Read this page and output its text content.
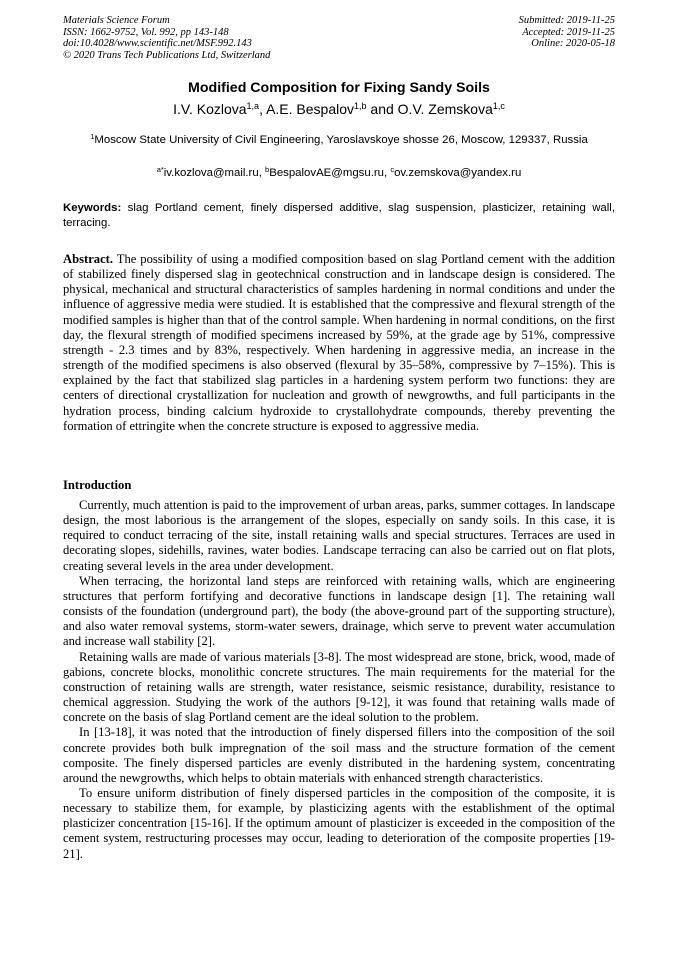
Materials Science Forum
ISSN: 1662-9752, Vol. 992, pp 143-148
doi:10.4028/www.scientific.net/MSF.992.143
© 2020 Trans Tech Publications Ltd, Switzerland
Submitted: 2019-11-25
Accepted: 2019-11-25
Online: 2020-05-18
Modified Composition for Fixing Sandy Soils
I.V. Kozlova$^{1,a}$, A.E. Bespalov$^{1,b}$ and O.V. Zemskova$^{1,c}$
$^1$Moscow State University of Civil Engineering, Yaroslavskoye shosse 26, Moscow, 129337, Russia
$^{a*}$iv.kozlova@mail.ru, $^b$BespalovAE@mgsu.ru, $^c$ov.zemskova@yandex.ru
Keywords: slag Portland cement, finely dispersed additive, slag suspension, plasticizer, retaining wall, terracing.
Abstract. The possibility of using a modified composition based on slag Portland cement with the addition of stabilized finely dispersed slag in geotechnical construction and in landscape design is considered. The physical, mechanical and structural characteristics of samples hardening in normal conditions and under the influence of aggressive media were studied. It is established that the compressive and flexural strength of the modified samples is higher than that of the control sample. When hardening in normal conditions, on the first day, the flexural strength of modified specimens increased by 59%, at the grade age by 51%, compressive strength - 2.3 times and by 83%, respectively. When hardening in aggressive media, an increase in the strength of the modified specimens is also observed (flexural by 35–58%, compressive by 7–15%). This is explained by the fact that stabilized slag particles in a hardening system perform two functions: they are centers of directional crystallization for nucleation and growth of newgrowths, and full participants in the hydration process, binding calcium hydroxide to crystallohydrate compounds, thereby preventing the formation of ettringite when the concrete structure is exposed to aggressive media.
Introduction

Currently, much attention is paid to the improvement of urban areas, parks, summer cottages. In landscape design, the most laborious is the arrangement of the slopes, especially on sandy soils. In this case, it is required to conduct terracing of the site, install retaining walls and special structures. Terraces are used in decorating slopes, sidehills, ravines, water bodies. Landscape terracing can also be carried out on flat plots, creating several levels in the area under development.

When terracing, the horizontal land steps are reinforced with retaining walls, which are engineering structures that perform fortifying and decorative functions in landscape design [1]. The retaining wall consists of the foundation (underground part), the body (the above-ground part of the supporting structure), and also water removal systems, storm-water sewers, drainage, which serve to prevent water accumulation and increase wall stability [2].

Retaining walls are made of various materials [3-8]. The most widespread are stone, brick, wood, made of gabions, concrete blocks, monolithic concrete structures. The main requirements for the material for the construction of retaining walls are strength, water resistance, seismic resistance, durability, resistance to chemical aggression. Studying the work of the authors [9-12], it was found that retaining walls made of concrete on the basis of slag Portland cement are the ideal solution to the problem.

In [13-18], it was noted that the introduction of finely dispersed fillers into the composition of the soil concrete provides both bulk impregnation of the soil mass and the structure formation of the cement composite. The finely dispersed particles are evenly distributed in the hardening system, concentrating around the newgrowths, which helps to obtain materials with enhanced strength characteristics.

To ensure uniform distribution of finely dispersed particles in the composition of the composite, it is necessary to stabilize them, for example, by plasticizing agents with the establishment of the optimal plasticizer concentration [15-16]. If the optimum amount of plasticizer is exceeded in the composition of the cement system, restructuring processes may occur, leading to deterioration of the composite properties [19-21].
